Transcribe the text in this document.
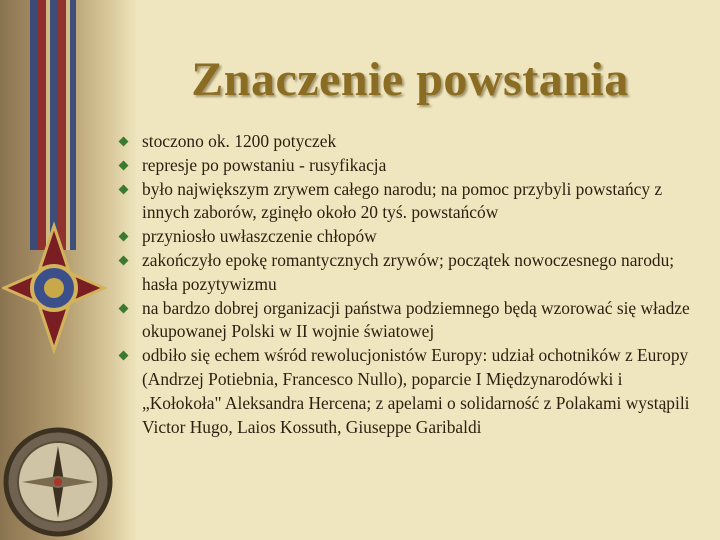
Znaczenie powstania
stoczono ok. 1200 potyczek
represje po powstaniu - rusyfikacja
było największym zrywem całego narodu; na pomoc przybyli powstańcy z innych zaborów, zginęło około 20 tyś. powstańców
przyniosło uwłaszczenie chłopów
zakończyło epokę romantycznych zrywów; początek nowoczesnego narodu; hasła pozytywizmu
na bardzo dobrej organizacji państwa podziemnego będą wzorować się władze okupowanej Polski w II wojnie światowej
odbiło się echem wśród rewolucjonistów Europy: udział ochotników z Europy (Andrzej Potiebnia, Francesco Nullo), poparcie I Międzynarodówki i „Kołokoła" Aleksandra Hercena; z apelami o solidarność z Polakami wystąpili Victor Hugo, Laios Kossuth, Giuseppe Garibaldi
